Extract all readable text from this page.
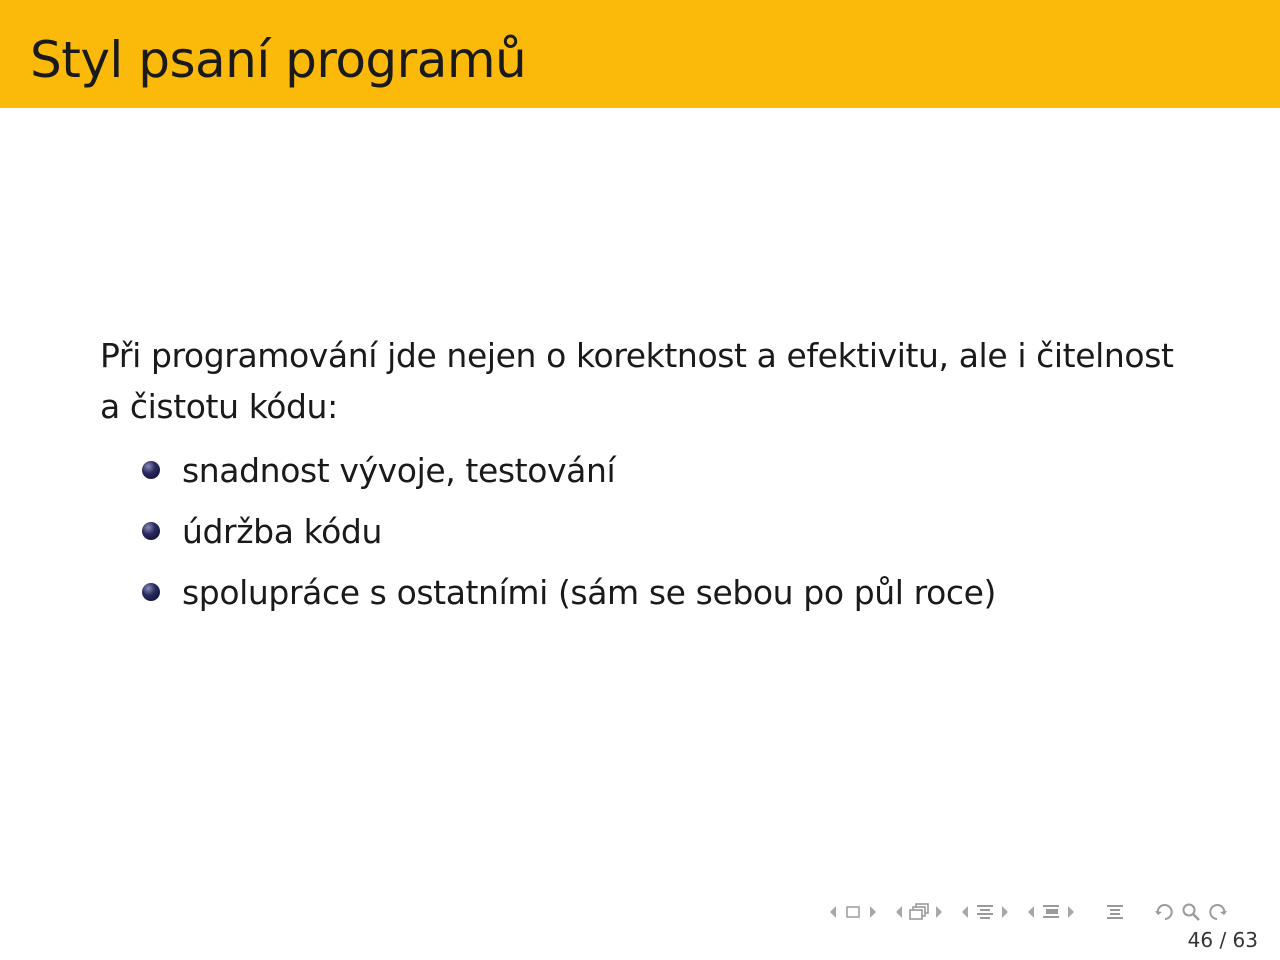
Styl psaní programů

Při programování jde nejen o korektnost a efektivitu, ale i čitelnost a čistotu kódu:

snadnost vývoje, testování
údržba kódu
spolupráce s ostatními (sám se sebou po půl roce)
46 / 63
